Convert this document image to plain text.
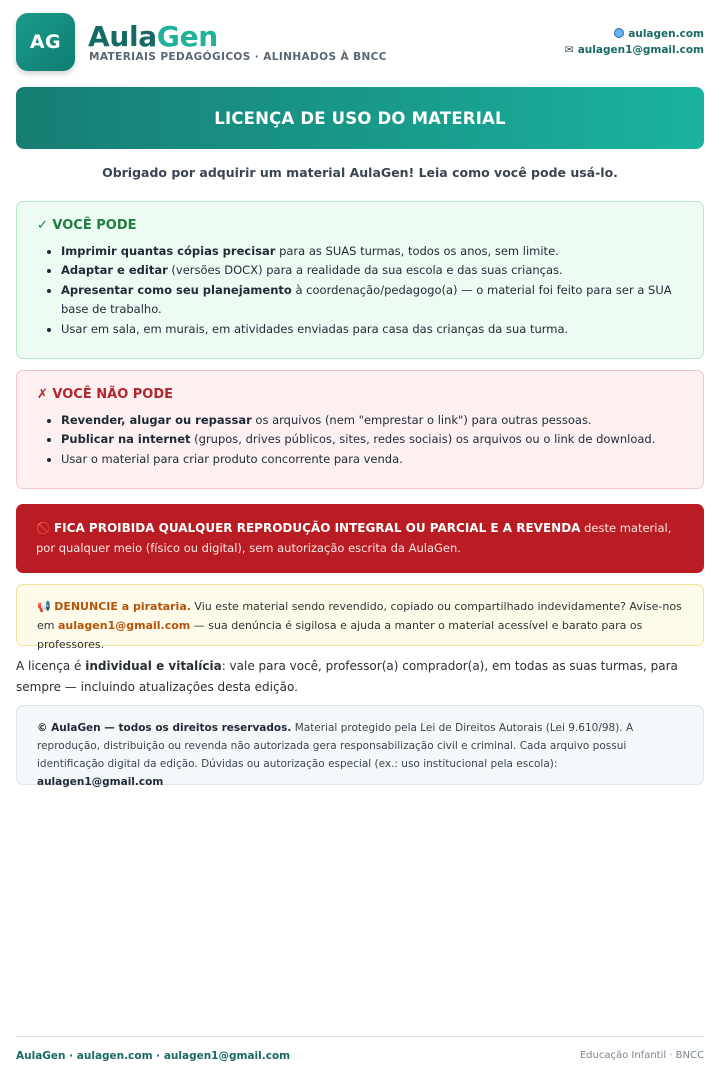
AG AulaGen
MATERIAIS PEDAGÓGICOS · ALINHADOS À BNCC
aulagen.com
✉ aulagen1@gmail.com
LICENÇA DE USO DO MATERIAL
Obrigado por adquirir um material AulaGen! Leia como você pode usá-lo.
✓ VOCÊ PODE
• Imprimir quantas cópias precisar para as SUAS turmas, todos os anos, sem limite.
• Adaptar e editar (versões DOCX) para a realidade da sua escola e das suas crianças.
• Apresentar como seu planejamento à coordenação/pedagogo(a) — o material foi feito para ser a SUA base de trabalho.
• Usar em sala, em murais, em atividades enviadas para casa das crianças da sua turma.
✗ VOCÊ NÃO PODE
• Revender, alugar ou repassar os arquivos (nem "emprestar o link") para outras pessoas.
• Publicar na internet (grupos, drives públicos, sites, redes sociais) os arquivos ou o link de download.
• Usar o material para criar produto concorrente para venda.
🚫 FICA PROIBIDA QUALQUER REPRODUÇÃO INTEGRAL OU PARCIAL E A REVENDA deste material, por qualquer meio (físico ou digital), sem autorização escrita da AulaGen.
📢 DENUNCIE a pirataria. Viu este material sendo revendido, copiado ou compartilhado indevidamente? Avise-nos em aulagen1@gmail.com — sua denúncia é sigilosa e ajuda a manter o material acessível e barato para os professores.
A licença é individual e vitalícia: vale para você, professor(a) comprador(a), em todas as suas turmas, para sempre — incluindo atualizações desta edição.
© AulaGen — todos os direitos reservados. Material protegido pela Lei de Direitos Autorais (Lei 9.610/98). A reprodução, distribuição ou revenda não autorizada gera responsabilização civil e criminal. Cada arquivo possui identificação digital da edição. Dúvidas ou autorização especial (ex.: uso institucional pela escola): aulagen1@gmail.com
AulaGen · aulagen.com · aulagen1@gmail.com	Educação Infantil · BNCC
